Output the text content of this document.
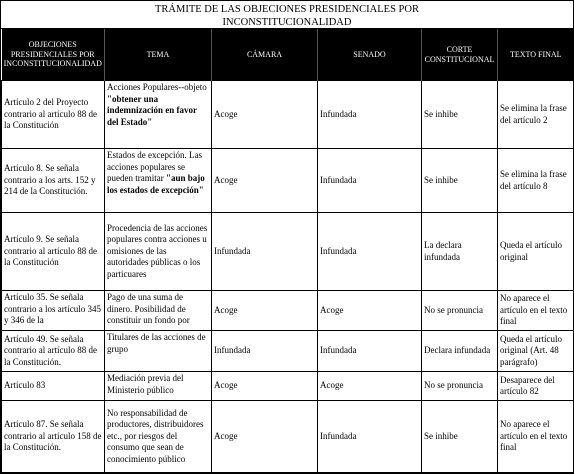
TRÁMITE DE LAS OBJECIONES PRESIDENCIALES POR
INCONSTITUCIONALIDAD
OBJECIONES PRESIDENCIALES POR INCONSTITUCIONALIDAD	TEMA	CÁMARA	SENADO	CORTE CONSTITUCIONAL	TEXTO FINAL
Artículo 2 del Proyecto contrario al artículo 88 de la Constitución	Acciones Populares--objeto "obtener una indemnización en favor del Estado"	Acoge	Infundada	Se inhibe	Se elimina la frase del artículo 2
Artículo 8. Se señala contrario a los arts. 152 y 214 de la Constitución.	Estados de excepción. Las acciones populares se pueden tramitar "aun bajo los estados de excepción"	Acoge	Infundada	Se inhibe	Se elimina la frase del artículo 8
Artículo 9. Se señala contrario al artículo 88 de la Constitución	Procedencia de las acciones populares contra acciones u omisiones de las autoridades públicas o los particuares	Infundada	Infundada	La declara infundada	Queda el artículo original
Artículo 35. Se señala contrario a los artículo 345 y 346 de la	Pago de una suma de dinero. Posibilidad de constituir un fondo por	Acoge	Acoge	No se pronuncia	No aparece el artículo en el texto final
Artículo 49. Se señala contrario al artículo 88 de la Constitución.	Titulares de las acciones de grupo	Infundada	Infundada	Declara infundada	Queda el artículo original (Art. 48 parágrafo)
Artículo 83	Mediación previa del Ministerio público	Acoge	Acoge	No se pronuncia	Desaparece del artículo 82
Artículo 87. Se señala contrario al artículo 158 de la Constitución.	No responsabilidad de productores, distribuidores etc., por riesgos del consumo que sean de conocimiento público	Acoge	Infundada	Se inhibe	No aparece el artículo en el texto final
